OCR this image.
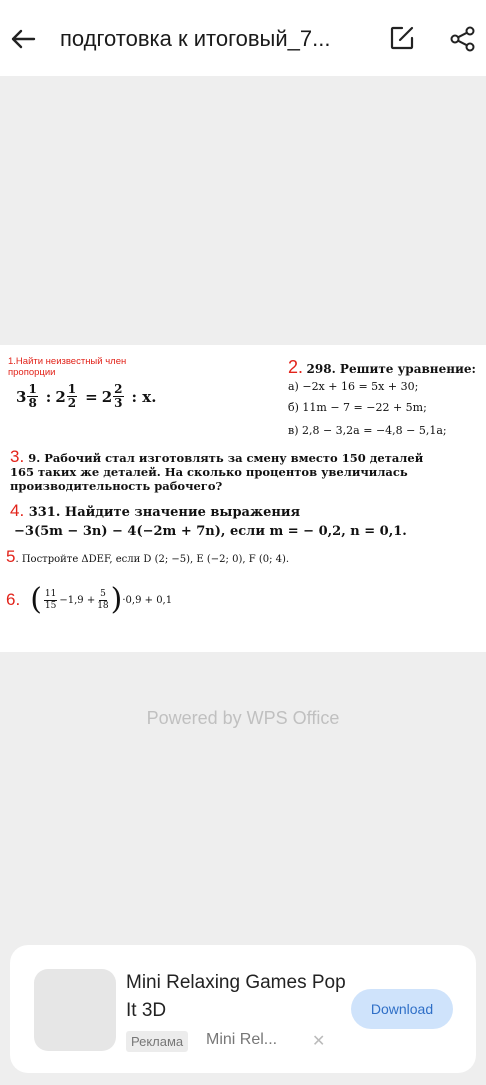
подготовка к итоговый_7...
1.Найти неизвестный член пропорции
$3 \frac{1}{8}$ : $2 \frac{1}{2} = 2 \frac{2}{3}$ : x.
2. 298. Решите уравнение:
а) −2x + 16 = 5x + 30;
б) 11m − 7 = −22 + 5m;
в) 2,8 − 3,2a = −4,8 − 5,1a;
3. 9. Рабочий стал изготовлять за смену вместо 150 деталей 165 таких же деталей. На сколько процентов увеличилась производительность рабочего?
4. 331. Найдите значение выражения
−3(5m − 3n) − 4(−2m + 7n), если m = − 0,2, n = 0,1.
5. Постройте ΔDEF, если D (2; −5), E (−2; 0), F (0; 4).
6. ( $\frac{11}{15} -1,9 + \frac{5}{18}$ ) ·0,9 + 0,1
Powered by WPS Office
Mini Relaxing Games Pop It 3D
Реклама	Mini Rel... ✕
Download
